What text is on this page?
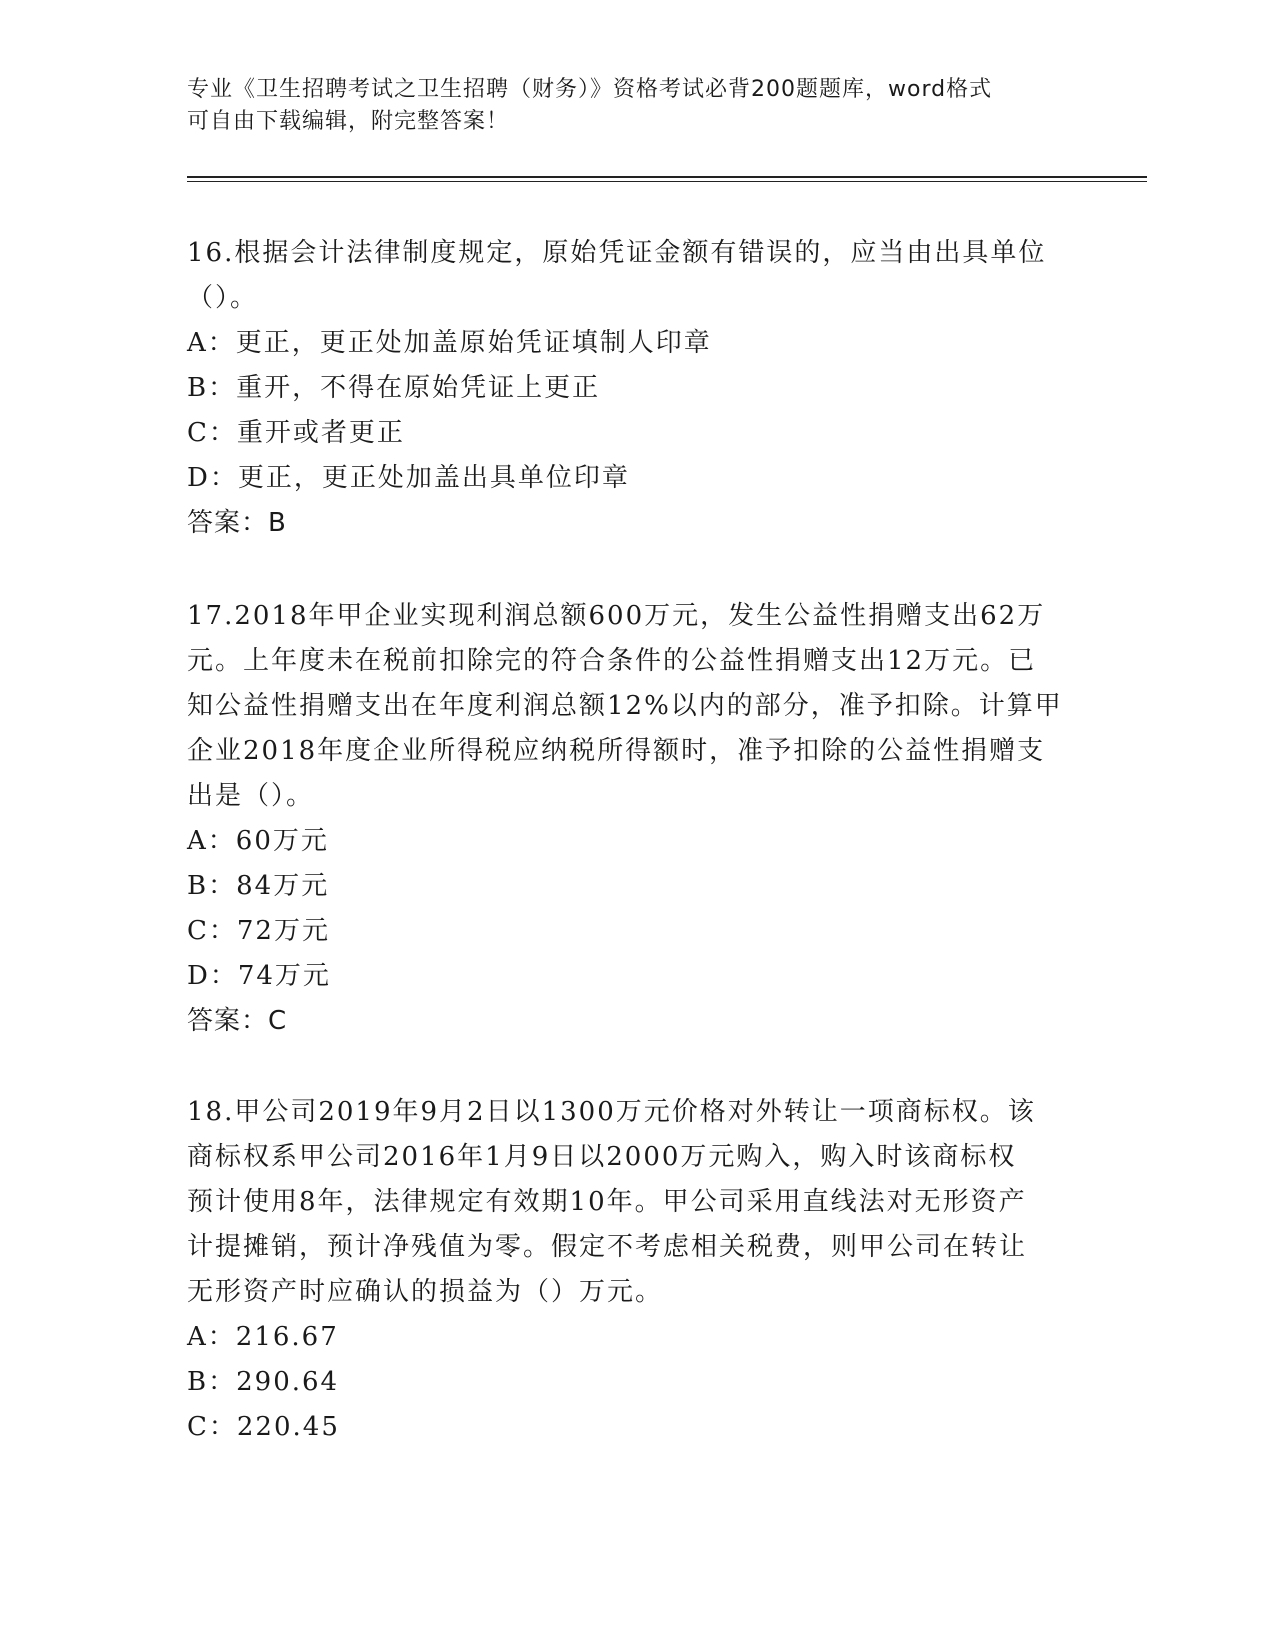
专业《卫生招聘考试之卫生招聘（财务）》资格考试必背200题题库，word格式
可自由下载编辑，附完整答案！

16.根据会计法律制度规定，原始凭证金额有错误的，应当由出具单位

（）。

A：更正，更正处加盖原始凭证填制人印章

B：重开，不得在原始凭证上更正

C：重开或者更正

D：更正，更正处加盖出具单位印章

答案：B

17.2018年甲企业实现利润总额600万元，发生公益性捐赠支出62万

元。上年度未在税前扣除完的符合条件的公益性捐赠支出12万元。已

知公益性捐赠支出在年度利润总额12%以内的部分，准予扣除。计算甲

企业2018年度企业所得税应纳税所得额时，准予扣除的公益性捐赠支

出是（）。

A：60万元

B：84万元

C：72万元

D：74万元

答案：C

18.甲公司2019年9月2日以1300万元价格对外转让一项商标权。该

商标权系甲公司2016年1月9日以2000万元购入，购入时该商标权

预计使用8年，法律规定有效期10年。甲公司采用直线法对无形资产

计提摊销，预计净残值为零。假定不考虑相关税费，则甲公司在转让

无形资产时应确认的损益为（）万元。

A：216.67

B：290.64

C：220.45
